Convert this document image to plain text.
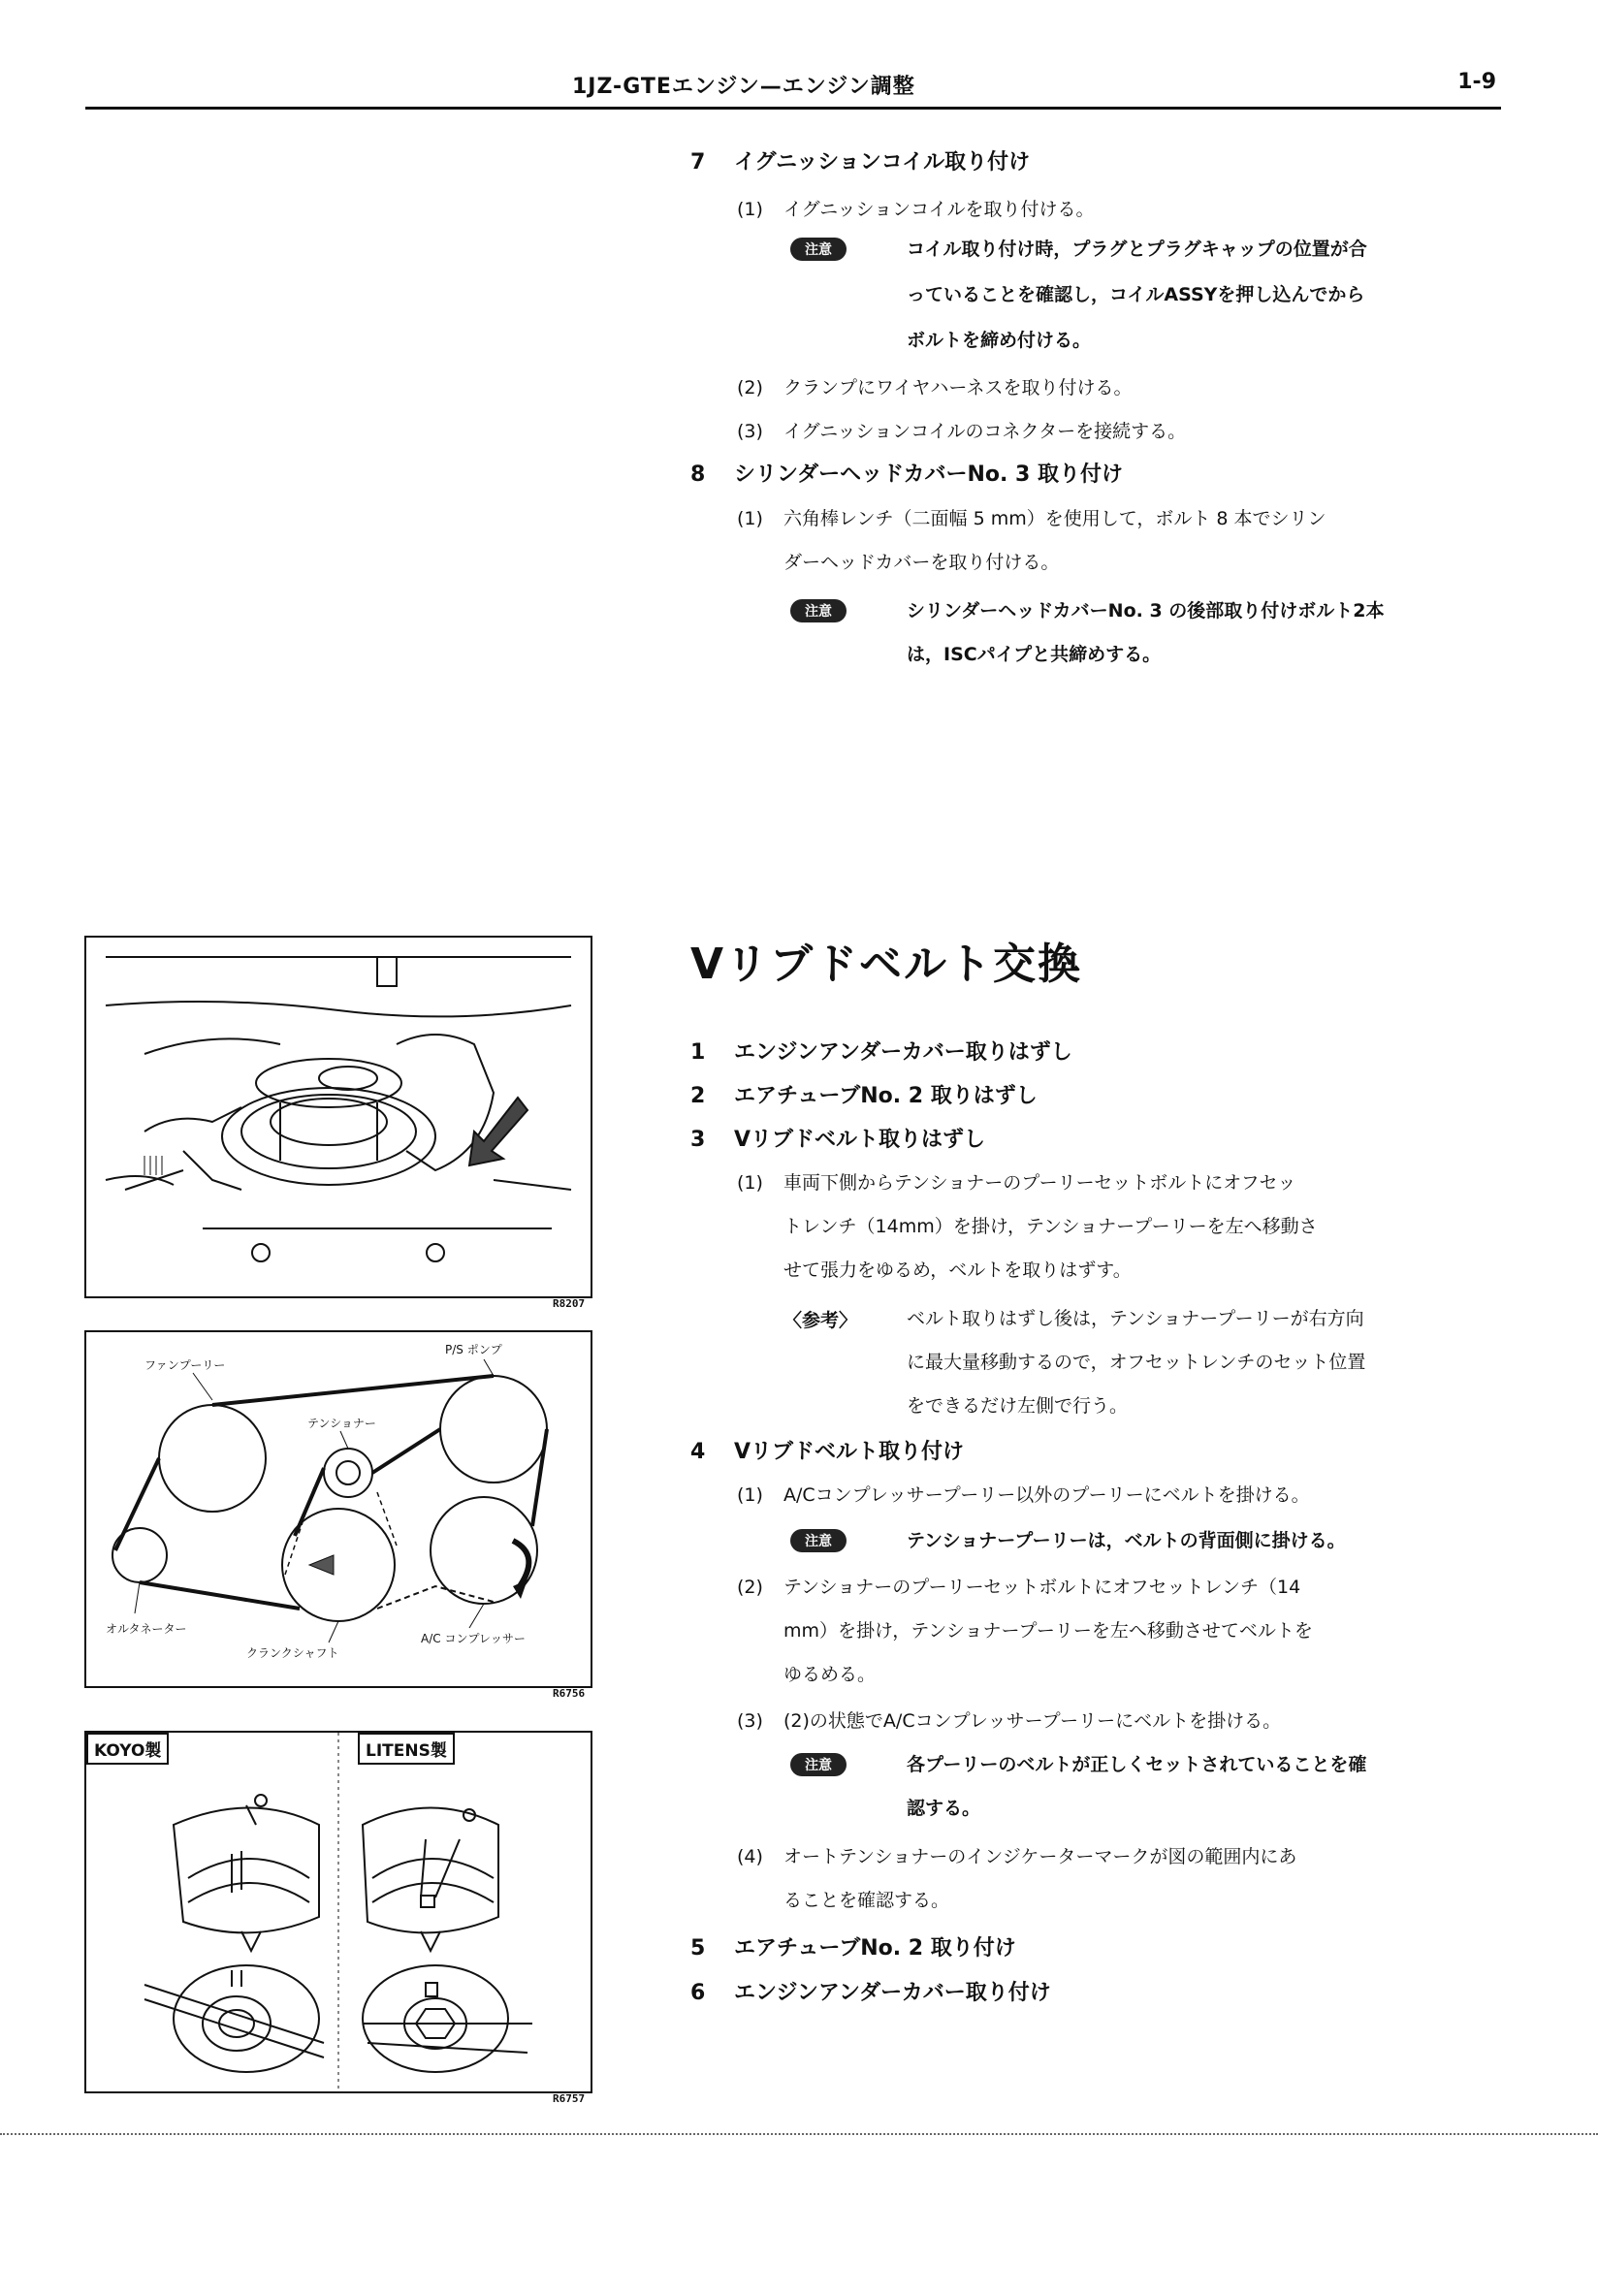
1JZ-GTEエンジン—エンジン調整	1-9
7 イグニッションコイル取り付け
(1) イグニッションコイルを取り付ける。
注意	コイル取り付け時，プラグとプラグキャップの位置が合
っていることを確認し，コイルASSYを押し込んでから
ボルトを締め付ける。
(2) クランプにワイヤハーネスを取り付ける。
(3) イグニッションコイルのコネクターを接続する。
8 シリンダーヘッドカバーNo. 3 取り付け
(1) 六角棒レンチ（二面幅 5 mm）を使用して，ボルト 8 本でシリン
ダーヘッドカバーを取り付ける。
注意	シリンダーヘッドカバーNo. 3 の後部取り付けボルト2本
は，ISCパイプと共締めする。
Vリブドベルト交換
1 エンジンアンダーカバー取りはずし
2 エアチューブNo. 2 取りはずし
3 Vリブドベルト取りはずし
(1) 車両下側からテンショナーのプーリーセットボルトにオフセッ
トレンチ（14mm）を掛け，テンショナープーリーを左へ移動さ
せて張力をゆるめ，ベルトを取りはずす。
〈参考〉	ベルト取りはずし後は，テンショナープーリーが右方向
に最大量移動するので，オフセットレンチのセット位置
をできるだけ左側で行う。
4 Vリブドベルト取り付け
(1) A/Cコンプレッサープーリー以外のプーリーにベルトを掛ける。
注意	テンショナープーリーは，ベルトの背面側に掛ける。
(2) テンショナーのプーリーセットボルトにオフセットレンチ（14
mm）を掛け，テンショナープーリーを左へ移動させてベルトを
ゆるめる。
(3) (2)の状態でA/Cコンプレッサープーリーにベルトを掛ける。
注意	各プーリーのベルトが正しくセットされていることを確
認する。
(4) オートテンショナーのインジケーターマークが図の範囲内にあ
ることを確認する。
5 エアチューブNo. 2 取り付け
6 エンジンアンダーカバー取り付け
R8207
ファンプーリー
P/S ポンプ
テンショナー
オルタネーター
クランクシャフト
A/C コンプレッサー
R6756
KOYO製	LITENS製
R6757
